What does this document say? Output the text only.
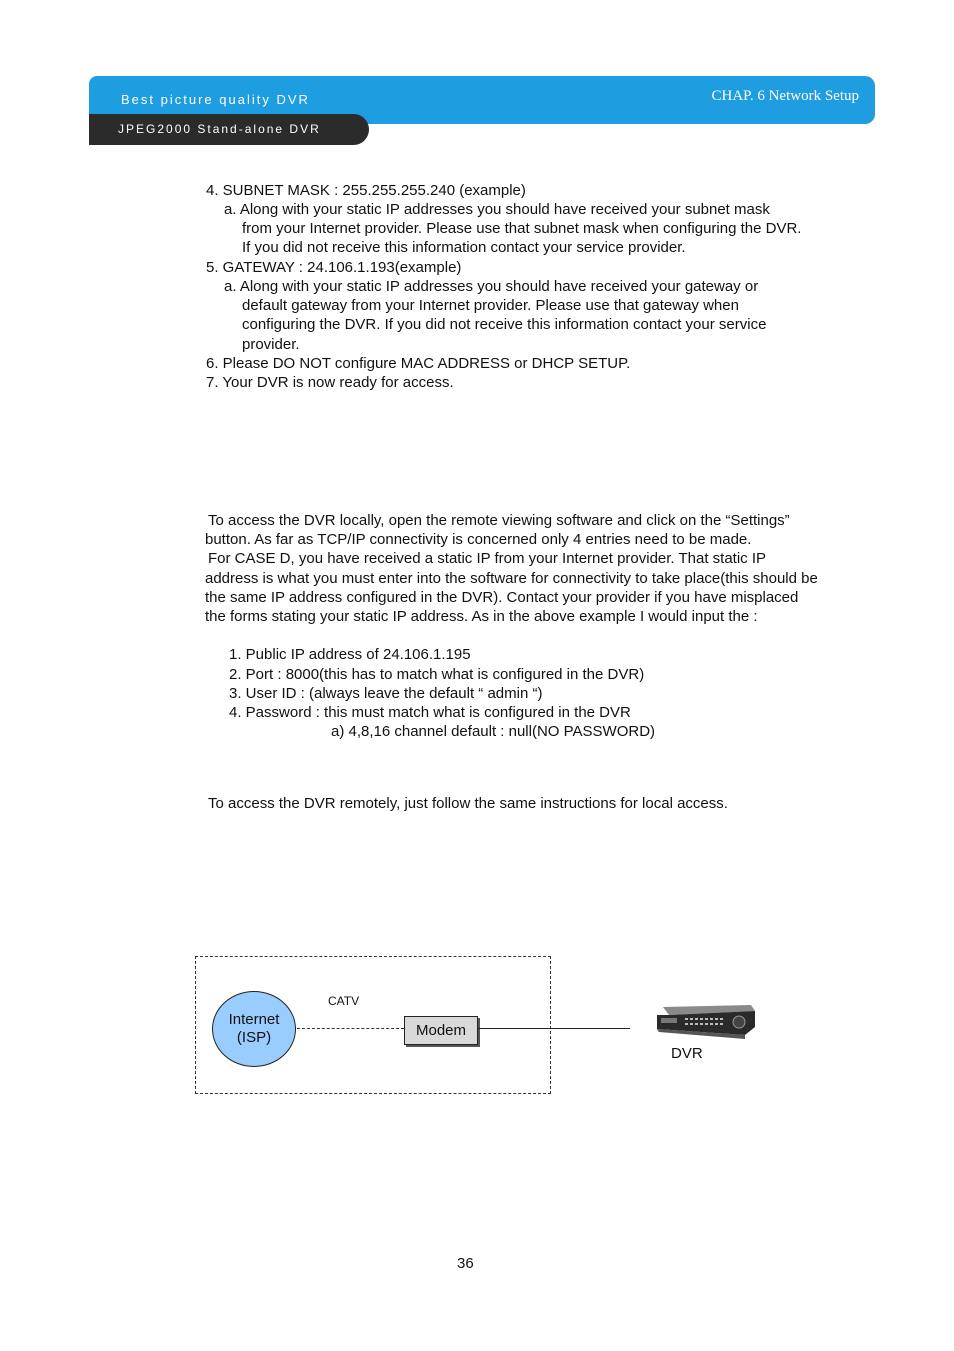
Best picture quality DVR	CHAP. 6 Network Setup
JPEG2000 Stand-alone DVR
4. SUBNET MASK : 255.255.255.240 (example)
a. Along with your static IP addresses you should have received your subnet mask
from your Internet provider. Please use that subnet mask when configuring the DVR.
If you did not receive this information contact your service provider.
5. GATEWAY : 24.106.1.193(example)
a. Along with your static IP addresses you should have received your gateway or
default gateway from your Internet provider. Please use that gateway when
configuring the DVR. If you did not receive this information contact your service
provider.
6. Please DO NOT configure MAC ADDRESS or DHCP SETUP.
7. Your DVR is now ready for access.
To access the DVR locally, open the remote viewing software and click on the “Settings”
button. As far as TCP/IP connectivity is concerned only 4 entries need to be made.
For CASE D, you have received a static IP from your Internet provider. That static IP
address is what you must enter into the software for connectivity to take place(this should be
the same IP address configured in the DVR). Contact your provider if you have misplaced
the forms stating your static IP address. As in the above example I would input the :
1. Public IP address of 24.106.1.195
2. Port : 8000(this has to match what is configured in the DVR)
3. User ID : (always leave the default “ admin “)
4. Password : this must match what is configured in the DVR
a) 4,8,16 channel default : null(NO PASSWORD)
To access the DVR remotely, just follow the same instructions for local access.
Internet
(ISP)
CATV
Modem
DVR
36
